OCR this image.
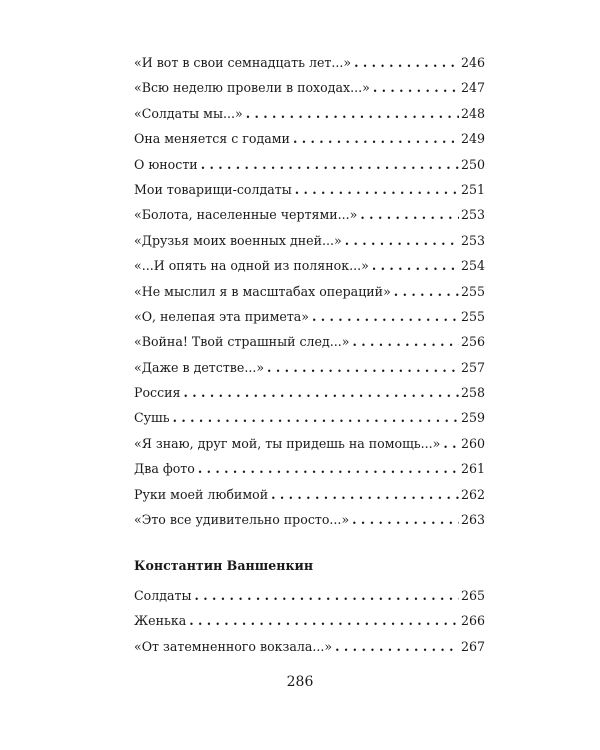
«И вот в свои семнадцать лет...» . . .	246
«Всю неделю провели в походах...» . . .	247
«Солдаты мы...» . . .	248
Она меняется с годами . . .	249
О юности . . .	250
Мои товарищи-солдаты . . .	251
«Болота, населенные чертями...» . . .	253
«Друзья моих военных дней...» . . .	253
«...И опять на одной из полянок...» . . .	254
«Не мыслил я в масштабах операций» . . .	255
«О, нелепая эта примета» . . .	255
«Война! Твой страшный след...» . . .	256
«Даже в детстве...» . . .	257
Россия . . .	258
Сушь . . .	259
«Я знаю, друг мой, ты придешь на помощь...» . . . 260
Два фото . . .	261
Руки моей любимой . . .	262
«Это все удивительно просто...» . . .	263
Константин Ваншенкин
Солдаты . . .	265
Женька . . .	266
«От затемненного вокзала...» . . .	267
286
